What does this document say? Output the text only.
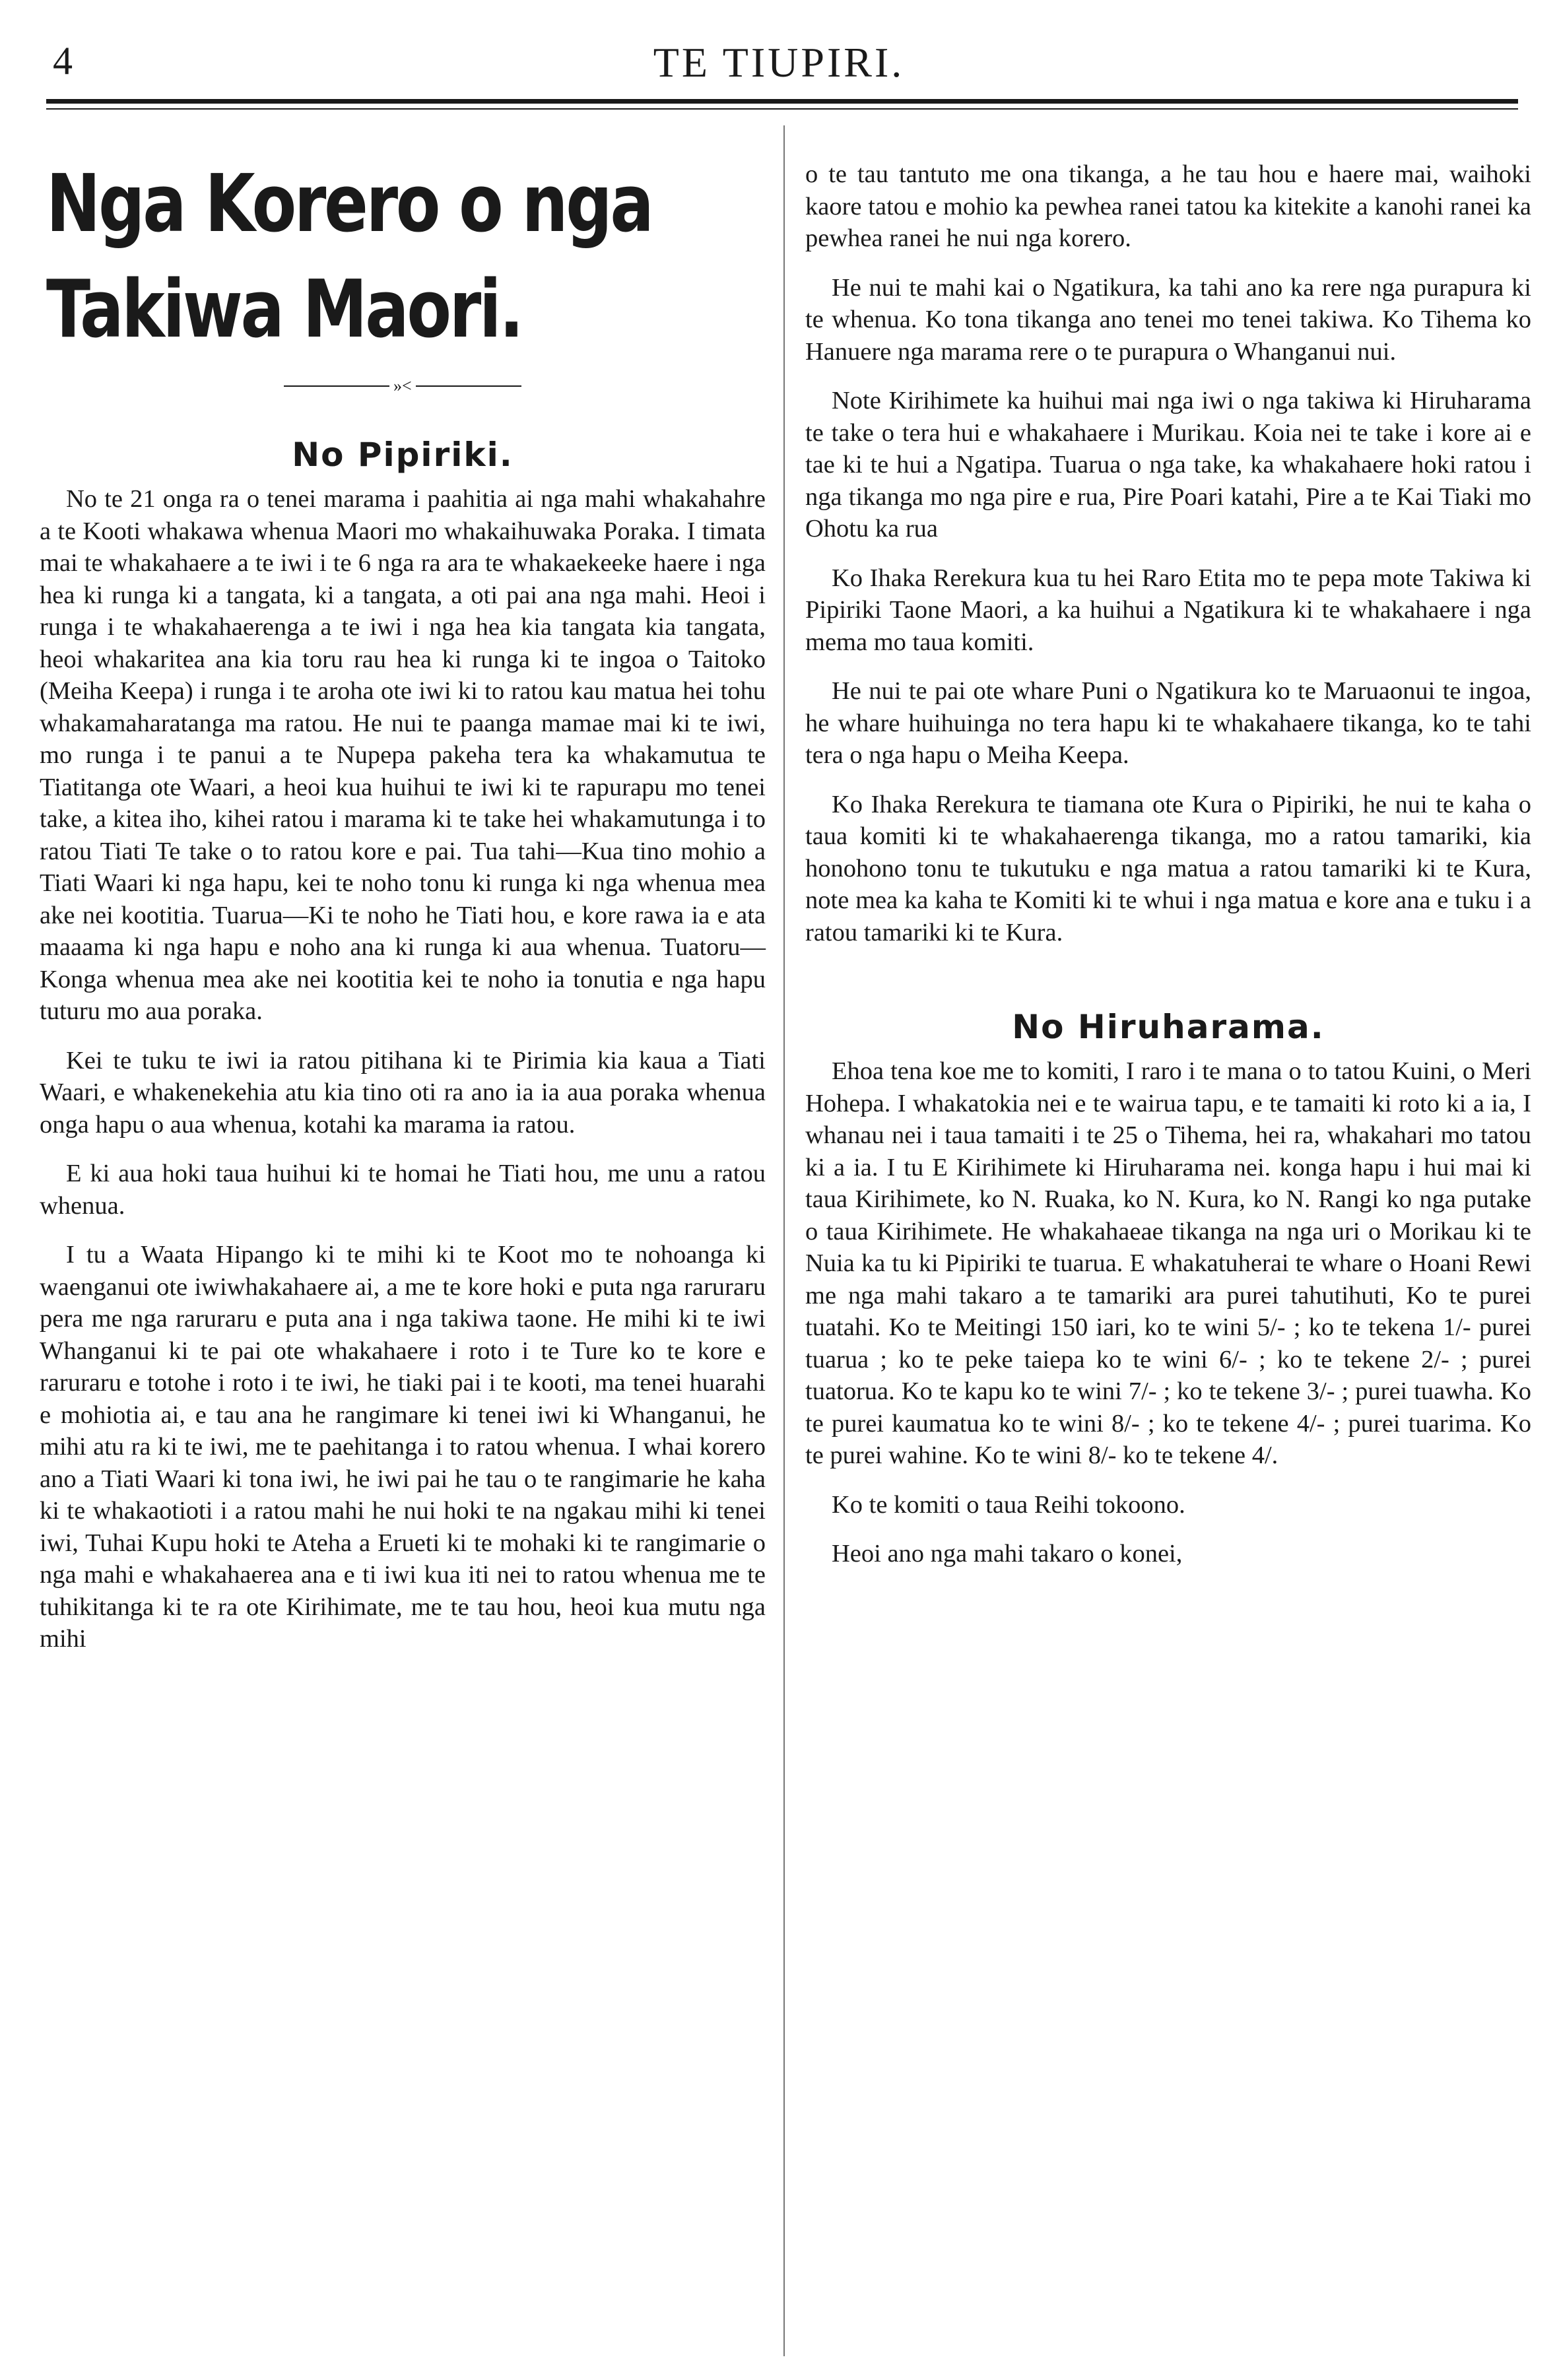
4	TE TIUPIRI.
Nga Korero o nga Takiwa Maori.
»<
No Pipiriki.

No te 21 onga ra o tenei marama i paahitia ai nga mahi whakahahre a te Kooti whakawa whenua Maori mo whakaihuwaka Poraka. I timata mai te whakahaere a te iwi i te 6 nga ra ara te whakaekeeke haere i nga hea ki runga ki a tangata, ki a tangata, a oti pai ana nga mahi. Heoi i runga i te whakahaerenga a te iwi i nga hea kia tangata kia tangata, heoi whakaritea ana kia toru rau hea ki runga ki te ingoa o Taitoko (Meiha Keepa) i runga i te aroha ote iwi ki to ratou kau matua hei tohu whakamaharatanga ma ratou. He nui te paanga mamae mai ki te iwi, mo runga i te panui a te Nupepa pakeha tera ka whakamutua te Tiatitanga ote Waari, a heoi kua huihui te iwi ki te rapurapu mo tenei take, a kitea iho, kihei ratou i marama ki te take hei whakamutunga i to ratou Tiati Te take o to ratou kore e pai. Tua tahi—Kua tino mohio a Tiati Waari ki nga hapu, kei te noho tonu ki runga ki nga whenua mea ake nei kootitia. Tuarua—Ki te noho he Tiati hou, e kore rawa ia e ata maaama ki nga hapu e noho ana ki runga ki aua whenua. Tuatoru—Konga whenua mea ake nei kootitia kei te noho ia tonutia e nga hapu tuturu mo aua poraka.

Kei te tuku te iwi ia ratou pitihana ki te Pirimia kia kaua a Tiati Waari, e whakenekehia atu kia tino oti ra ano ia ia aua poraka whenua onga hapu o aua whenua, kotahi ka marama ia ratou.

E ki aua hoki taua huihui ki te homai he Tiati hou, me unu a ratou whenua.

I tu a Waata Hipango ki te mihi ki te Koot mo te nohoanga ki waenganui ote iwiwhakahaere ai, a me te kore hoki e puta nga raruraru pera me nga raruraru e puta ana i nga takiwa taone. He mihi ki te iwi Whanganui ki te pai ote whakahaere i roto i te Ture ko te kore e raruraru e totohe i roto i te iwi, he tiaki pai i te kooti, ma tenei huarahi e mohiotia ai, e tau ana he rangimare ki tenei iwi ki Whanganui, he mihi atu ra ki te iwi, me te paehitanga i to ratou whenua. I whai korero ano a Tiati Waari ki tona iwi, he iwi pai he tau o te rangimarie he kaha ki te whakaotioti i a ratou mahi he nui hoki te na ngakau mihi ki tenei iwi, Tuhai Kupu hoki te Ateha a Erueti ki te mohaki ki te rangimarie o nga mahi e whakahaerea ana e ti iwi kua iti nei to ratou whenua me te tuhikitanga ki te ra ote Kirihimate, me te tau hou, heoi kua mutu nga mihi

o te tau tantuto me ona tikanga, a he tau hou e haere mai, waihoki kaore tatou e mohio ka pewhea ranei tatou ka kitekite a kanohi ranei ka pewhea ranei he nui nga korero.

He nui te mahi kai o Ngatikura, ka tahi ano ka rere nga purapura ki te whenua. Ko tona tikanga ano tenei mo tenei takiwa. Ko Tihema ko Hanuere nga marama rere o te purapura o Whanganui nui.

Note Kirihimete ka huihui mai nga iwi o nga takiwa ki Hiruharama te take o tera hui e whakahaere i Murikau. Koia nei te take i kore ai e tae ki te hui a Ngatipa. Tuarua o nga take, ka whakahaere hoki ratou i nga tikanga mo nga pire e rua, Pire Poari katahi, Pire a te Kai Tiaki mo Ohotu ka rua

Ko Ihaka Rerekura kua tu hei Raro Etita mo te pepa mote Takiwa ki Pipiriki Taone Maori, a ka huihui a Ngatikura ki te whakahaere i nga mema mo taua komiti.

He nui te pai ote whare Puni o Ngatikura ko te Maruaonui te ingoa, he whare huihuinga no tera hapu ki te whakahaere tikanga, ko te tahi tera o nga hapu o Meiha Keepa.

Ko Ihaka Rerekura te tiamana ote Kura o Pipiriki, he nui te kaha o taua komiti ki te whakahaerenga tikanga, mo a ratou tamariki, kia honohono tonu te tukutuku e nga matua a ratou tamariki ki te Kura, note mea ka kaha te Komiti ki te whui i nga matua e kore ana e tuku i a ratou tamariki ki te Kura.

No Hiruharama.

Ehoa tena koe me to komiti, I raro i te mana o to tatou Kuini, o Meri Hohepa. I whakatokia nei e te wairua tapu, e te tamaiti ki roto ki a ia, I whanau nei i taua tamaiti i te 25 o Tihema, hei ra, whakahari mo tatou ki a ia. I tu E Kirihimete ki Hiruharama nei. konga hapu i hui mai ki taua Kirihimete, ko N. Ruaka, ko N. Kura, ko N. Rangi ko nga putake o taua Kirihimete. He whakahaeae tikanga na nga uri o Morikau ki te Nuia ka tu ki Pipiriki te tuarua. E whakatuherai te whare o Hoani Rewi me nga mahi takaro a te tamariki ara purei tahutihuti, Ko te purei tuatahi. Ko te Meitingi 150 iari, ko te wini 5/- ; ko te tekena 1/- purei tuarua ; ko te peke taiepa ko te wini 6/- ; ko te tekene 2/- ; purei tuatorua. Ko te kapu ko te wini 7/- ; ko te tekene 3/- ; purei tuawha. Ko te purei kaumatua ko te wini 8/- ; ko te tekene 4/- ; purei tuarima. Ko te purei wahine. Ko te wini 8/- ko te tekene 4/.

Ko te komiti o taua Reihi tokoono.

Heoi ano nga mahi takaro o konei,
